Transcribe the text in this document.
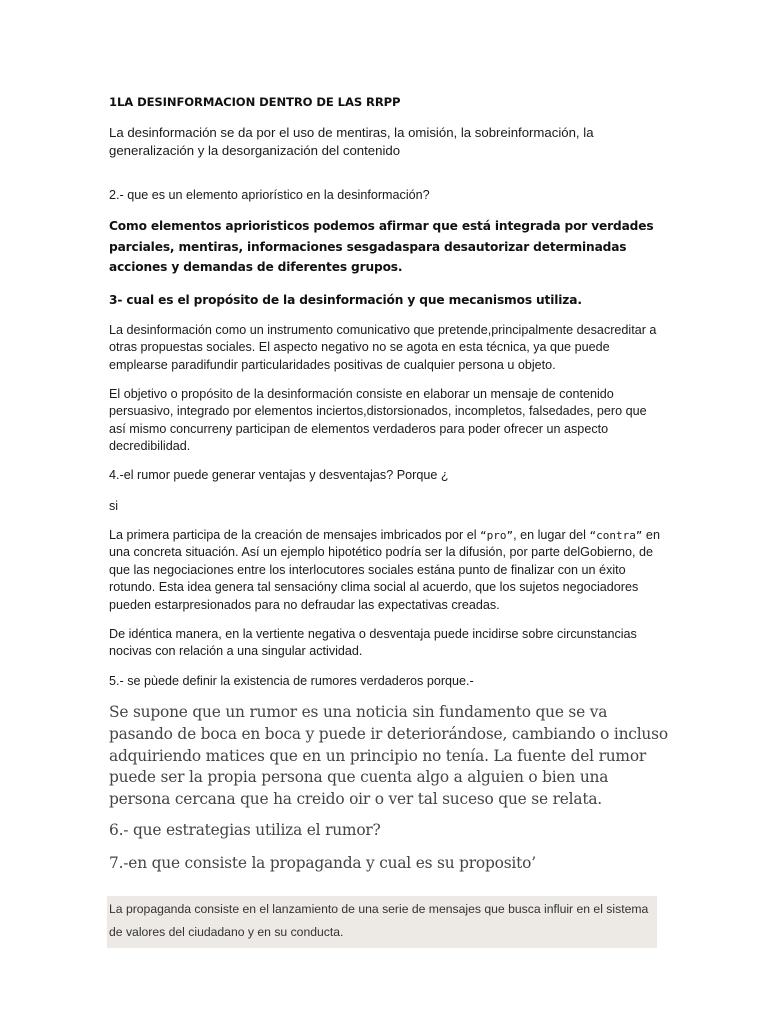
1LA DESINFORMACION DENTRO DE LAS RRPP

La desinformación se da por el uso de mentiras, la omisión, la sobreinformación, la generalización y la desorganización del contenido

2.- que es un elemento apriorístico en la desinformación?

Como elementos aprioristicos podemos afirmar que está integrada por verdades parciales, mentiras, informaciones sesgadaspara desautorizar determinadas acciones y demandas de diferentes grupos.

3- cual es el propósito de la desinformación y que mecanismos utiliza.

La desinformación como un instrumento comunicativo que pretende,principalmente desacreditar a otras propuestas sociales. El aspecto negativo no se agota en esta técnica, ya que puede emplearse paradifundir particularidades positivas de cualquier persona u objeto.

El objetivo o propósito de la desinformación consiste en elaborar un mensaje de contenido persuasivo, integrado por elementos inciertos,distorsionados, incompletos, falsedades, pero que así mismo concurreny participan de elementos verdaderos para poder ofrecer un aspecto decredibilidad.

4.-el rumor puede generar ventajas y desventajas? Porque ¿

si

La primera participa de la creación de mensajes imbricados por el “pro”, en lugar del “contra” en una concreta situación. Así un ejemplo hipotético podría ser la difusión, por parte delGobierno, de que las negociaciones entre los interlocutores sociales estána punto de finalizar con un éxito rotundo. Esta idea genera tal sensacióny clima social al acuerdo, que los sujetos negociadores pueden estarpresionados para no defraudar las expectativas creadas.

De idéntica manera, en la vertiente negativa o desventaja puede incidirse sobre circunstancias nocivas con relación a una singular actividad.

5.- se pùede definir la existencia de rumores verdaderos porque.-

Se supone que un rumor es una noticia sin fundamento que se va pasando de boca en boca y puede ir deteriorándose, cambiando o incluso adquiriendo matices que en un principio no tenía. La fuente del rumor puede ser la propia persona que cuenta algo a alguien o bien una persona cercana que ha creido oir o ver tal suceso que se relata.

6.- que estrategias utiliza el rumor?

7.-en que consiste la propaganda y cual es su proposito’

La propaganda consiste en el lanzamiento de una serie de mensajes que busca influir en el sistema de valores del ciudadano y en su conducta.
